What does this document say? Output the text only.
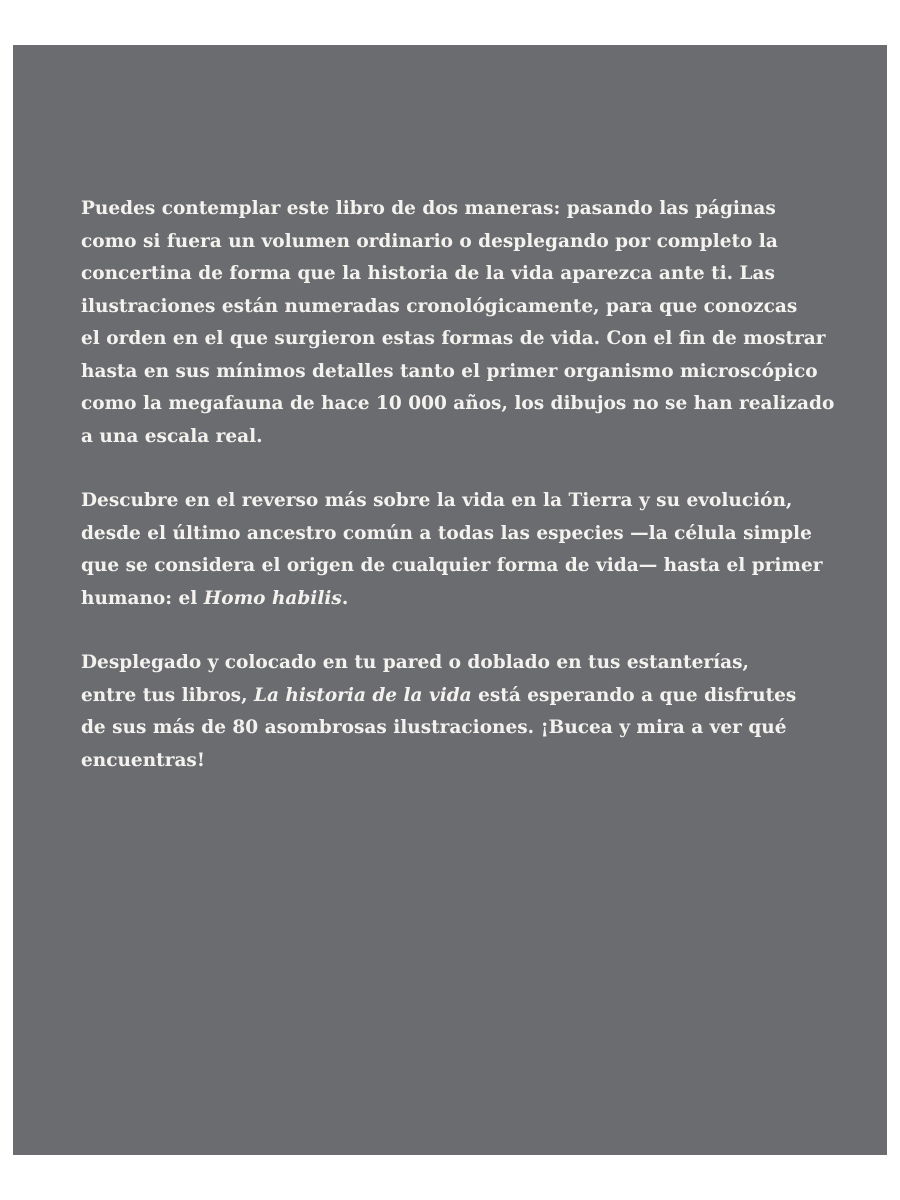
Puedes contemplar este libro de dos maneras: pasando las páginas
como si fuera un volumen ordinario o desplegando por completo la
concertina de forma que la historia de la vida aparezca ante ti. Las
ilustraciones están numeradas cronológicamente, para que conozcas
el orden en el que surgieron estas formas de vida. Con el fin de mostrar
hasta en sus mínimos detalles tanto el primer organismo microscópico
como la megafauna de hace 10 000 años, los dibujos no se han realizado
a una escala real.
Descubre en el reverso más sobre la vida en la Tierra y su evolución,
desde el último ancestro común a todas las especies —la célula simple
que se considera el origen de cualquier forma de vida— hasta el primer
humano: el Homo habilis.
Desplegado y colocado en tu pared o doblado en tus estanterías,
entre tus libros, La historia de la vida está esperando a que disfrutes
de sus más de 80 asombrosas ilustraciones. ¡Bucea y mira a ver qué
encuentras!
